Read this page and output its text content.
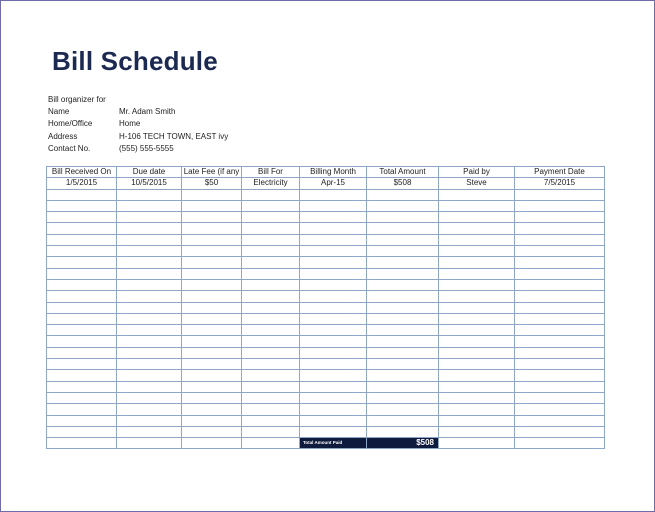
Bill Schedule
Bill organizer for
Name	Mr. Adam Smith
Home/Office	Home
Address	H-106 TECH TOWN, EAST ivy
Contact No.	(555) 555-5555
Bill Received On	Due date	Late Fee (if any	Bill For	Billing Month	Total Amount	Paid by	Payment Date
1/5/2015	10/5/2015	$50	Electricity	Apr-15	$508	Steve	7/5/2015

				Total Amount Paid	$508		
